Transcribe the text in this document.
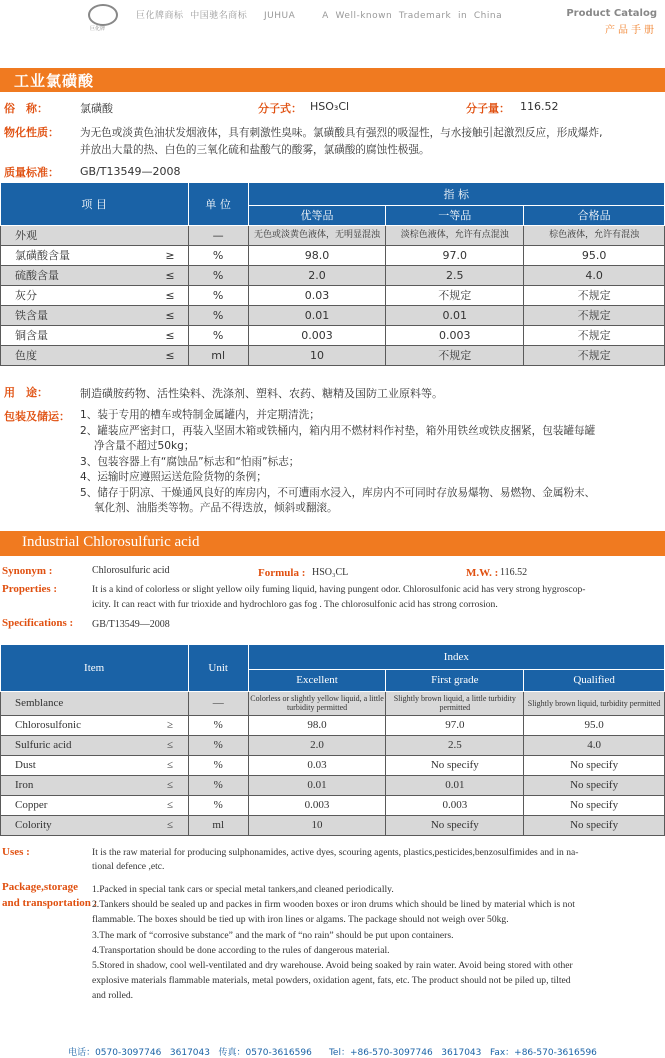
巨化牌
巨化牌商标  中国驰名商标     JUHUA        A  Well-known  Trademark  in  China	Product Catalog
产品手册
工业氯磺酸
俗　称：	氯磺酸	分子式： HSO₃Cl	分子量： 116.52
物化性质： 为无色或淡黄色油状发烟液体，具有刺激性臭味。氯磺酸具有强烈的吸湿性，与水接触引起激烈反应，形成爆炸,
并放出大量的热、白色的三氧化硫和盐酸气的酸雾，氯磺酸的腐蚀性极强。
质量标准： GB/T13549—2008
项 目		单 位	指 标		
			优等品	一等品	合格品
外观		—	无色或淡黄色液体，无明显混浊	淡棕色液体，允许有点混浊	棕色液体，允许有混浊
氯磺酸含量	≥	%	98.0	97.0	95.0
硫酸含量	≤	%	2.0	2.5	4.0
灰分	≤	%	0.03	不规定	不规定
铁含量	≤	%	0.01	0.01	不规定
铜含量	≤	%	0.003	0.003	不规定
色度	≤	ml	10	不规定	不规定
用　途：	制造磺胺药物、活性染料、洗涤剂、塑料、农药、糖精及国防工业原料等。
包装及储运： 1、装于专用的槽车或特制金属罐内，并定期清洗；
2、罐装应严密封口，再装入坚固木箱或铁桶内，箱内用不燃材料作衬垫，箱外用铁丝或铁皮捆紧，包装罐每罐
　 净含量不超过50kg；
3、包装容器上有“腐蚀品”标志和“怕雨”标志；
4、运输时应遵照运送危险货物的条例；
5、储存于阴凉、干燥通风良好的库房内，不可遭雨水浸入，库房内不可同时存放易爆物、易燃物、金属粉末、
　 氧化剂、油脂类等物。产品不得迭放，倾斜或翻滚。
Industrial Chlorosulfuric acid
Synonym :	Chlorosulfuric acid	Formula : HSO₃CL	M.W. : 116.52
Properties :	It is a kind of colorless or slight yellow oily fuming liquid, having pungent odor. Chlorosulfonic acid has very strong hygroscop-
icity. It can react with fur trioxide and hydrochloro gas fog . The chlorosulfonic acid has strong corrosion.
Specifications : GB/T13549—2008
Item		Unit	Index		
			Excellent	First grade	Qualified
Semblance		—	Colorless or slightly yellow liquid, a little turbidity permitted	Slightly brown liquid, a little turbidity permitted	Slightly brown liquid, turbidity permitted
Chlorosulfonic	≥	%	98.0	97.0	95.0
Sulfuric acid	≤	%	2.0	2.5	4.0
Dust	≤	%	0.03	No specify	No specify
Iron	≤	%	0.01	0.01	No specify
Copper	≤	%	0.003	0.003	No specify
Colority	≤	ml	10	No specify	No specify
Uses :	It is the raw material for producing sulphonamides, active dyes, scouring agents, plastics,pesticides,benzosulfimides and in na-
tional defence ,etc.
Package,storage
and transportation :
1.Packed in special tank cars or special metal tankers,and cleaned periodically.
2.Tankers should be sealed up and packes in firm wooden boxes or iron drums which should be lined by material which is not
flammable. The boxes should be tied up with iron lines or algams. The package should not weigh over 50kg.
3.The mark of “corrosive substance” and the mark of “no rain” should be put upon containers.
4.Transportation should be done according to the rules of dangerous material.
5.Stored in shadow, cool well-ventilated and dry warehouse. Avoid being soaked by rain water. Avoid being stored with other
explosive materials flammable materials, metal powders, oxidation agent, fats, etc. The product should not be piled up, tilted
and rolled.
电话：0570-3097746   3617043   传真：0570-3616596      Tel：+86-570-3097746   3617043   Fax：+86-570-3616596
